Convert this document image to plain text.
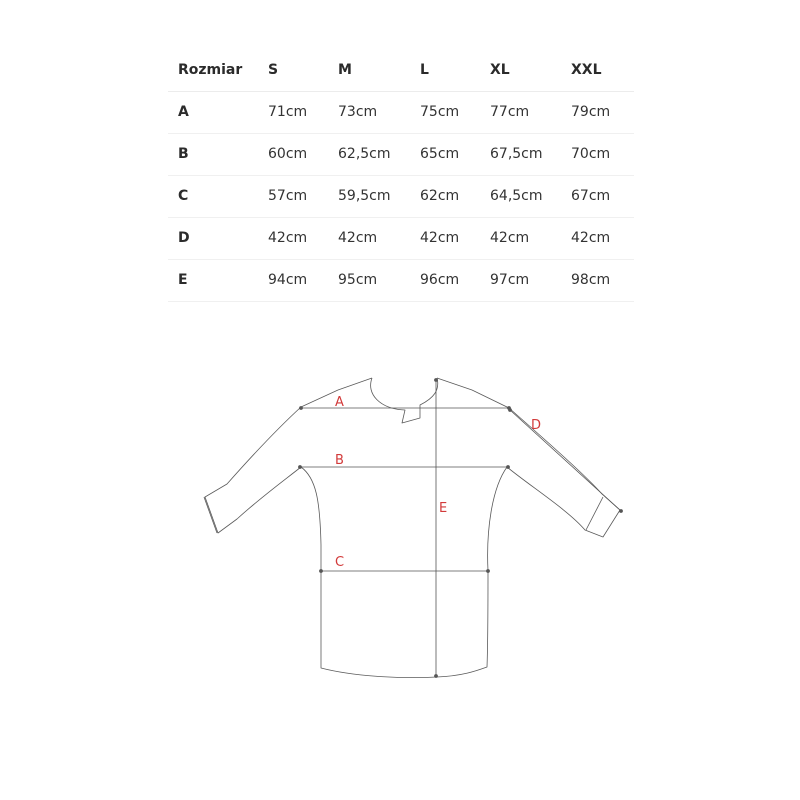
Rozmiar S	M	L	XL	XXL
A	71cm 73cm	75cm 77cm	79cm
B	60cm 62,5cm 65cm 67,5cm 70cm
C	57cm 59,5cm 62cm 64,5cm 67cm
D	42cm 42cm	42cm 42cm	42cm
E	94cm 95cm	96cm 97cm	98cm
A
B
C
D
E
